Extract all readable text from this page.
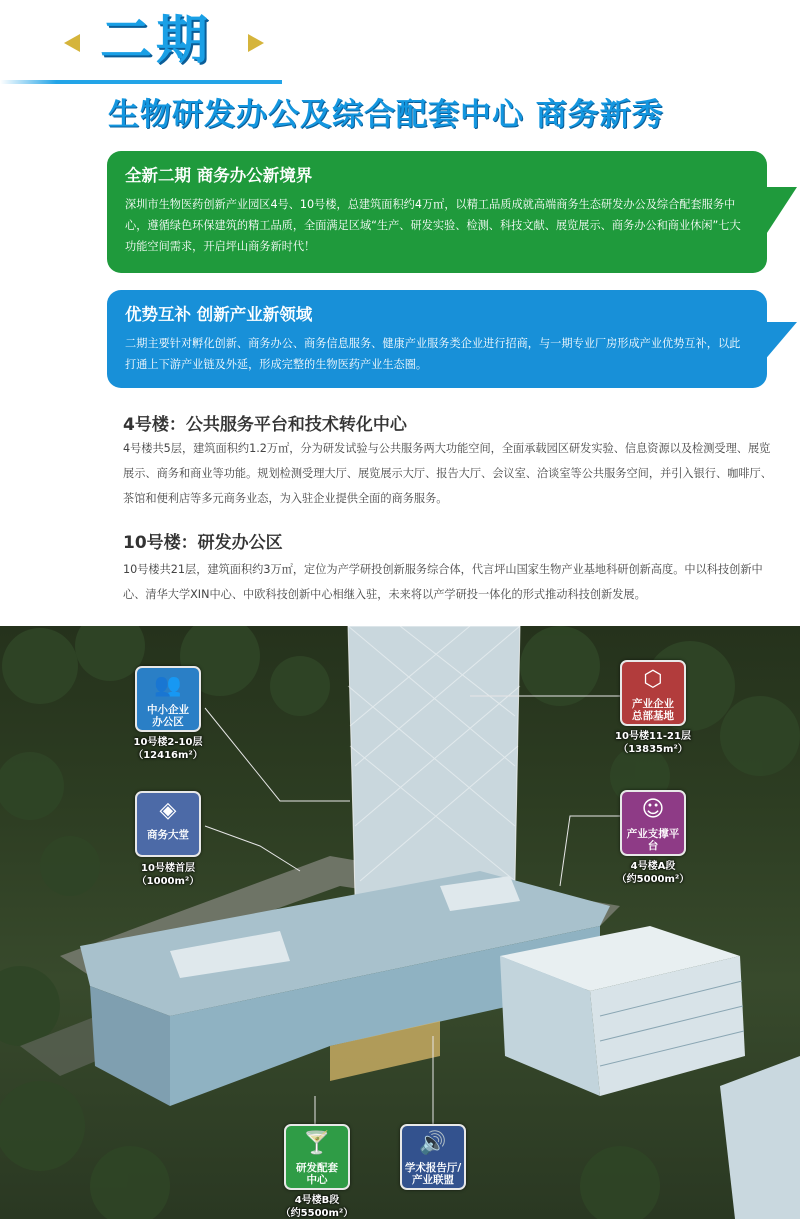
二期
生物研发办公及综合配套中心 商务新秀
全新二期 商务办公新境界
深圳市生物医药创新产业园区4号、10号楼，总建筑面积约4万㎡，以精工品质成就高端商务生态研发办公及综合配套服务中心，遵循绿色环保建筑的精工品质，全面满足区域“生产、研发实验、检测、科技文献、展览展示、商务办公和商业休闲”七大功能空间需求，开启坪山商务新时代！
优势互补 创新产业新领域
二期主要针对孵化创新、商务办公、商务信息服务、健康产业服务类企业进行招商，与一期专业厂房形成产业优势互补，以此打通上下游产业链及外延，形成完整的生物医药产业生态圈。
4号楼：公共服务平台和技术转化中心
4号楼共5层，建筑面积约1.2万㎡，分为研发试验与公共服务两大功能空间，全面承载园区研发实验、信息资源以及检测受理、展览展示、商务和商业等功能。规划检测受理大厅、展览展示大厅、报告大厅、会议室、洽谈室等公共服务空间，并引入银行、咖啡厅、茶馆和便利店等多元商务业态，为入驻企业提供全面的商务服务。
10号楼：研发办公区
10号楼共21层，建筑面积约3万㎡，定位为产学研投创新服务综合体，代言坪山国家生物产业基地科研创新高度。中以科技创新中心、清华大学XIN中心、中欧科技创新中心相继入驻，未来将以产学研投一体化的形式推动科技创新发展。
👥
中小企业
办公区
10号楼2-10层
（12416m²）
◈
商务大堂
10号楼首层
（1000m²）
⬡
产业企业
总部基地
10号楼11-21层
（13835m²）
☺
产业支撑平台
4号楼A段
（约5000m²）
🍸
研发配套
中心
4号楼B段
（约5500m²）
🔊
学术报告厅/
产业联盟
